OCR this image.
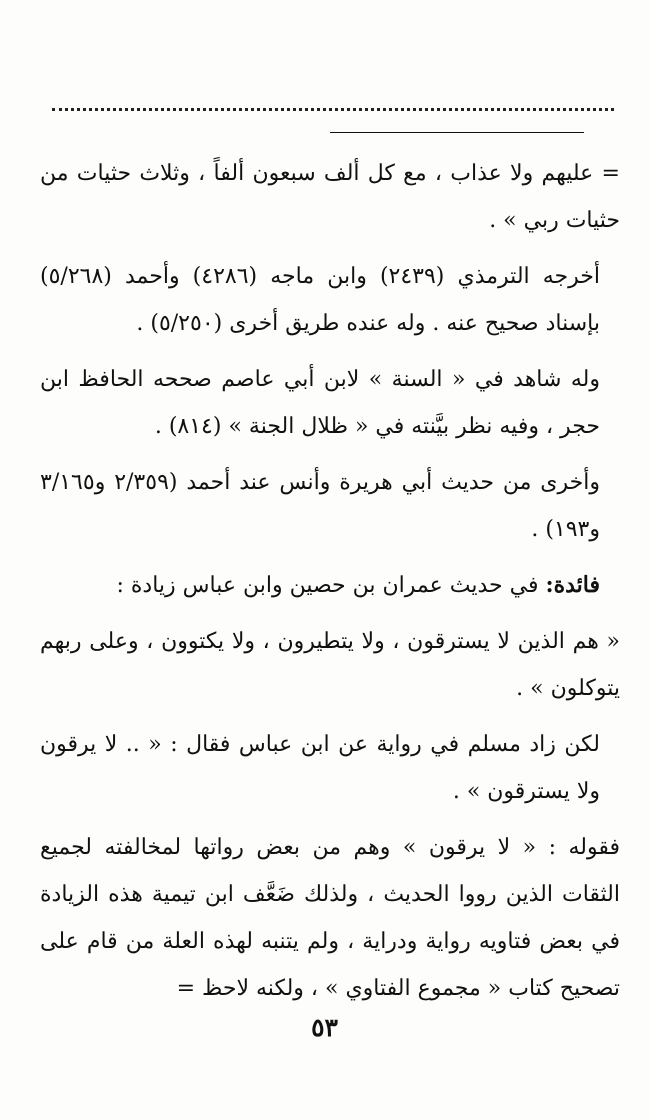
= عليهم ولا عذاب ، مع كل ألف سبعون ألفاً ، وثلاث حثيات من حثيات ربي » .

أخرجه الترمذي (٢٤٣٩) وابن ماجه (٤٢٨٦) وأحمد (٥/٢٦٨) بإسناد صحيح عنه . وله عنده طريق أخرى (٥/٢٥٠) .

وله شاهد في « السنة » لابن أبي عاصم صححه الحافظ ابن حجر ، وفيه نظر بيَّنته في « ظلال الجنة » (٨١٤) .

وأخرى من حديث أبي هريرة وأنس عند أحمد (٢/٣٥٩ و٣/١٦٥ و١٩٣) .

فائدة: في حديث عمران بن حصين وابن عباس زيادة :

« هم الذين لا يسترقون ، ولا يتطيرون ، ولا يكتوون ، وعلى ربهم يتوكلون » .

لكن زاد مسلم في رواية عن ابن عباس فقال : « .. لا يرقون ولا يسترقون » .

فقوله : « لا يرقون » وهم من بعض رواتها لمخالفته لجميع الثقات الذين رووا الحديث ، ولذلك ضَعَّف ابن تيمية هذه الزيادة في بعض فتاويه رواية ودراية ، ولم يتنبه لهذه العلة من قام على تصحيح كتاب « مجموع الفتاوي » ، ولكنه لاحظ =

٥٣
